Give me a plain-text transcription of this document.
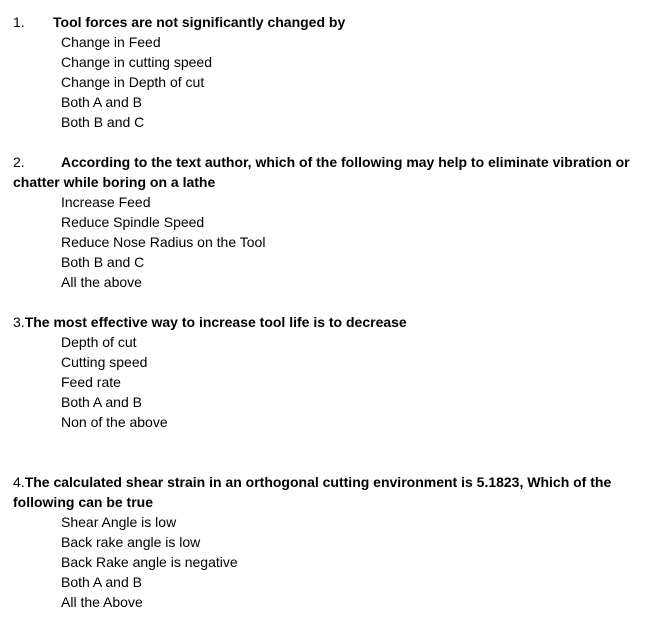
1. Tool forces are not significantly changed by
Change in Feed
Change in cutting speed
Change in Depth of cut
Both A and B
Both B and C
2.	According to the text author, which of the following may help to eliminate vibration or chatter while boring on a lathe
Increase Feed
Reduce Spindle Speed
Reduce Nose Radius on the Tool
Both B and C
All the above
3.The most effective way to increase tool life is to decrease
Depth of cut
Cutting speed
Feed rate
Both A and B
Non of the above
4.The calculated shear strain in an orthogonal cutting environment is 5.1823, Which of the following can be true
Shear Angle is low
Back rake angle is low
Back Rake angle is negative
Both A and B
All the Above
